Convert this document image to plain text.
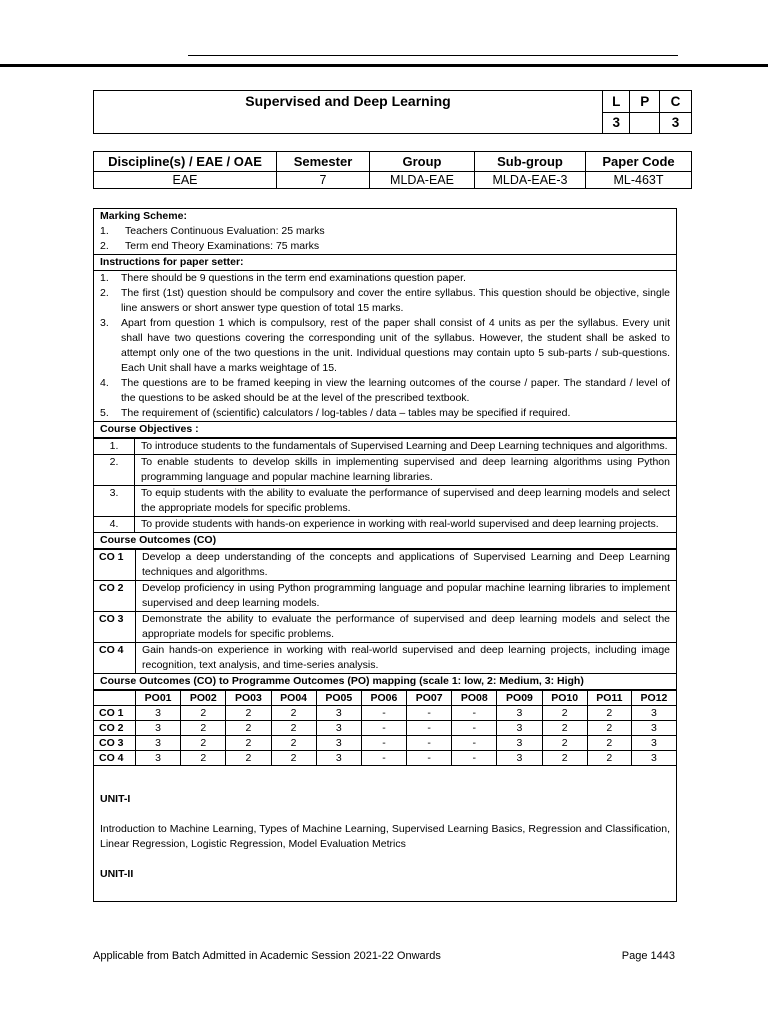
Supervised and Deep Learning	L	P	C
	3		3
Discipline(s) / EAE / OAE	Semester	Group	Sub-group	Paper Code
EAE	7	MLDA-EAE	MLDA-EAE-3	ML-463T
Marking Scheme:
1.	Teachers Continuous Evaluation: 25 marks
2.	Term end Theory Examinations: 75 marks
Instructions for paper setter:
1.	There should be 9 questions in the term end examinations question paper.
2.	The first (1st) question should be compulsory and cover the entire syllabus. This question should be objective, single line answers or short answer type question of total 15 marks.
3.	Apart from question 1 which is compulsory, rest of the paper shall consist of 4 units as per the syllabus. Every unit shall have two questions covering the corresponding unit of the syllabus. However, the student shall be asked to attempt only one of the two questions in the unit. Individual questions may contain upto 5 sub-parts / sub-questions. Each Unit shall have a marks weightage of 15.
4.	The questions are to be framed keeping in view the learning outcomes of the course / paper. The standard / level of the questions to be asked should be at the level of the prescribed textbook.
5.	The requirement of (scientific) calculators / log-tables / data – tables may be specified if required.
Course Objectives :
1.	To introduce students to the fundamentals of Supervised Learning and Deep Learning techniques and algorithms.
2.	To enable students to develop skills in implementing supervised and deep learning algorithms using Python programming language and popular machine learning libraries.
3.	To equip students with the ability to evaluate the performance of supervised and deep learning models and select the appropriate models for specific problems.
4.	To provide students with hands-on experience in working with real-world supervised and deep learning projects.
Course Outcomes (CO)
CO 1	Develop a deep understanding of the concepts and applications of Supervised Learning and Deep Learning techniques and algorithms.
CO 2	Develop proficiency in using Python programming language and popular machine learning libraries to implement supervised and deep learning models.
CO 3	Demonstrate the ability to evaluate the performance of supervised and deep learning models and select the appropriate models for specific problems.
CO 4	Gain hands-on experience in working with real-world supervised and deep learning projects, including image recognition, text analysis, and time-series analysis.
Course Outcomes (CO) to Programme Outcomes (PO) mapping (scale 1: low, 2: Medium, 3: High)
	PO01	PO02	PO03	PO04	PO05	PO06	PO07	PO08	PO09	PO10	PO11	PO12
CO 1	3	2	2	2	3	-	-	-	3	2	2	3
CO 2	3	2	2	2	3	-	-	-	3	2	2	3
CO 3	3	2	2	2	3	-	-	-	3	2	2	3
CO 4	3	2	2	2	3	-	-	-	3	2	2	3
UNIT-I
Introduction to Machine Learning, Types of Machine Learning, Supervised Learning Basics, Regression and Classification, Linear Regression, Logistic Regression, Model Evaluation Metrics
UNIT-II
Applicable from Batch Admitted in Academic Session 2021-22 Onwards	Page 1443
